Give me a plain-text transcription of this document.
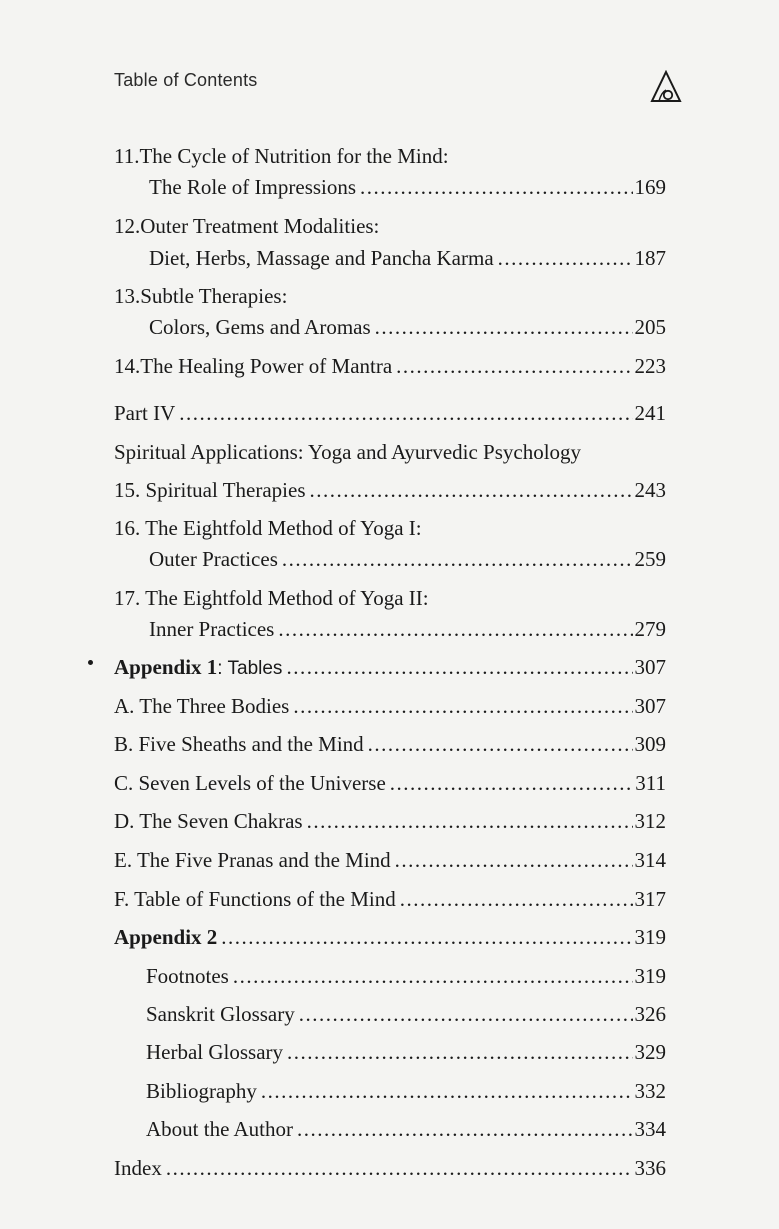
Table of Contents
11. The Cycle of Nutrition for the Mind:
The Role of Impressions .....	169
12. Outer Treatment Modalities:
Diet, Herbs, Massage and Pancha Karma .....	187
13. Subtle Therapies:
Colors, Gems and Aromas .....	205
14. The Healing Power of Mantra .....	223
Part IV .....	241
Spiritual Applications: Yoga and Ayurvedic Psychology
15. Spiritual Therapies .....	243
16. The Eightfold Method of Yoga I:
Outer Practices .....	259
17. The Eightfold Method of Yoga II:
Inner Practices .....	279
Appendix 1 : Tables .....	307
A. The Three Bodies .....	307
B. Five Sheaths and the Mind .....	309
C. Seven Levels of the Universe .....	311
D. The Seven Chakras .....	312
E. The Five Pranas and the Mind .....	314
F. Table of Functions of the Mind .....	317
Appendix 2 .....	319
Footnotes .....	319
Sanskrit Glossary .....	326
Herbal Glossary .....	329
Bibliography .....	332
About the Author .....	334
Index .....	336
